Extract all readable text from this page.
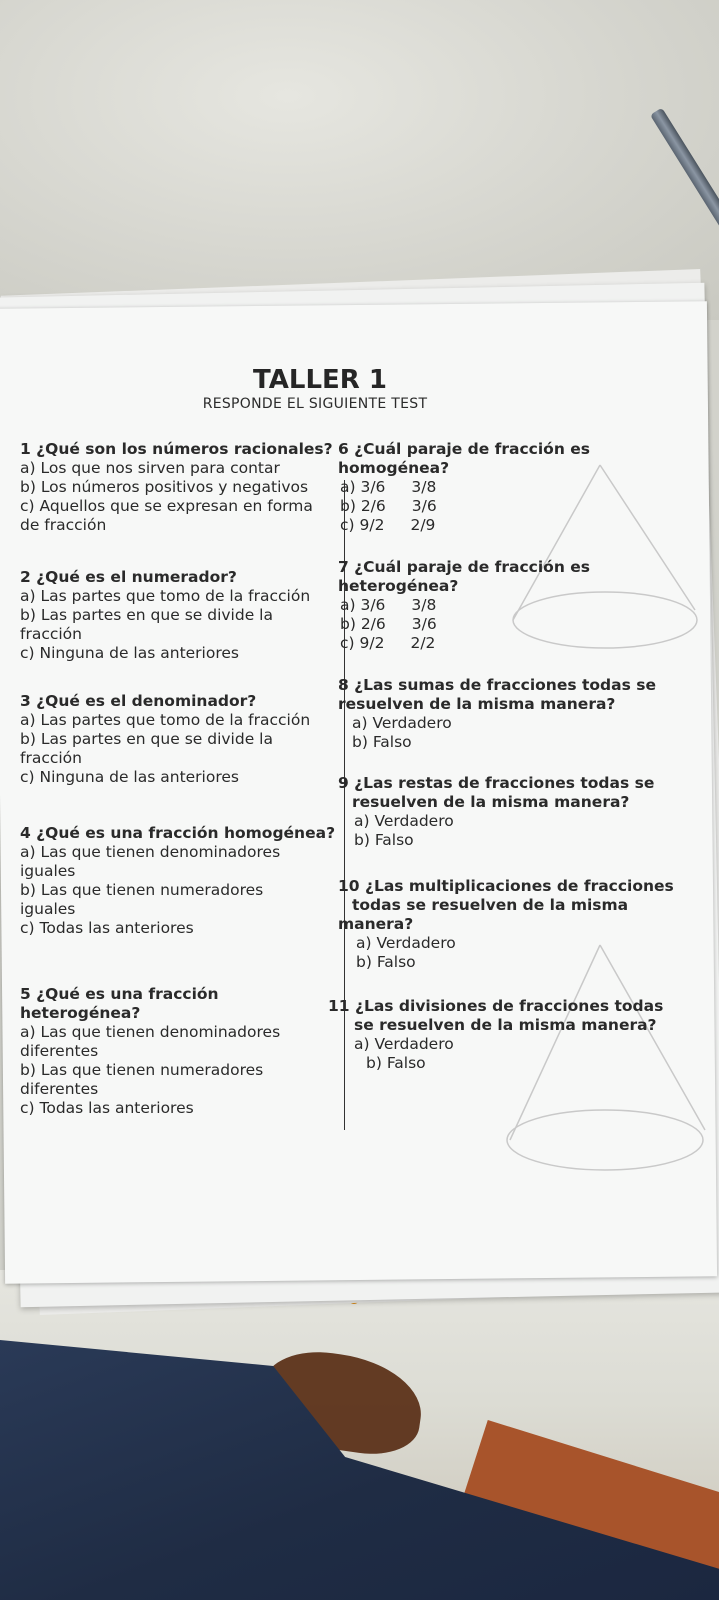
TALLER 1
RESPONDE EL SIGUIENTE TEST
1 ¿Qué son los números racionales?
a) Los que nos sirven para contar
b) Los números positivos y negativos
c) Aquellos que se expresan en forma
de fracción
2 ¿Qué es el numerador?
a) Las partes que tomo de la fracción
b) Las partes en que se divide la
fracción
c) Ninguna de las anteriores
3 ¿Qué es el denominador?
a) Las partes que tomo de la fracción
b) Las partes en que se divide la
fracción
c) Ninguna de las anteriores
4 ¿Qué es una fracción homogénea?
a) Las que tienen denominadores
iguales
b) Las que tienen numeradores
iguales
c) Todas las anteriores
5 ¿Qué es una fracción heterogénea?
a) Las que tienen denominadores
diferentes
b) Las que tienen numeradores
diferentes
c) Todas las anteriores
6 ¿Cuál paraje de fracción es
homogénea?
a) 3/6 3/8
b) 2/6 3/6
c) 9/2 2/9
7 ¿Cuál paraje de fracción es
heterogénea?
a) 3/6 3/8
b) 2/6 3/6
c) 9/2 2/2
8 ¿Las sumas de fracciones todas se
resuelven de la misma manera?
a) Verdadero
b) Falso
9 ¿Las restas de fracciones todas se
resuelven de la misma manera?
a) Verdadero
b) Falso
10 ¿Las multiplicaciones de fracciones
todas se resuelven de la misma
manera?
a) Verdadero
b) Falso
11 ¿Las divisiones de fracciones todas
se resuelven de la misma manera?
a) Verdadero
b) Falso
